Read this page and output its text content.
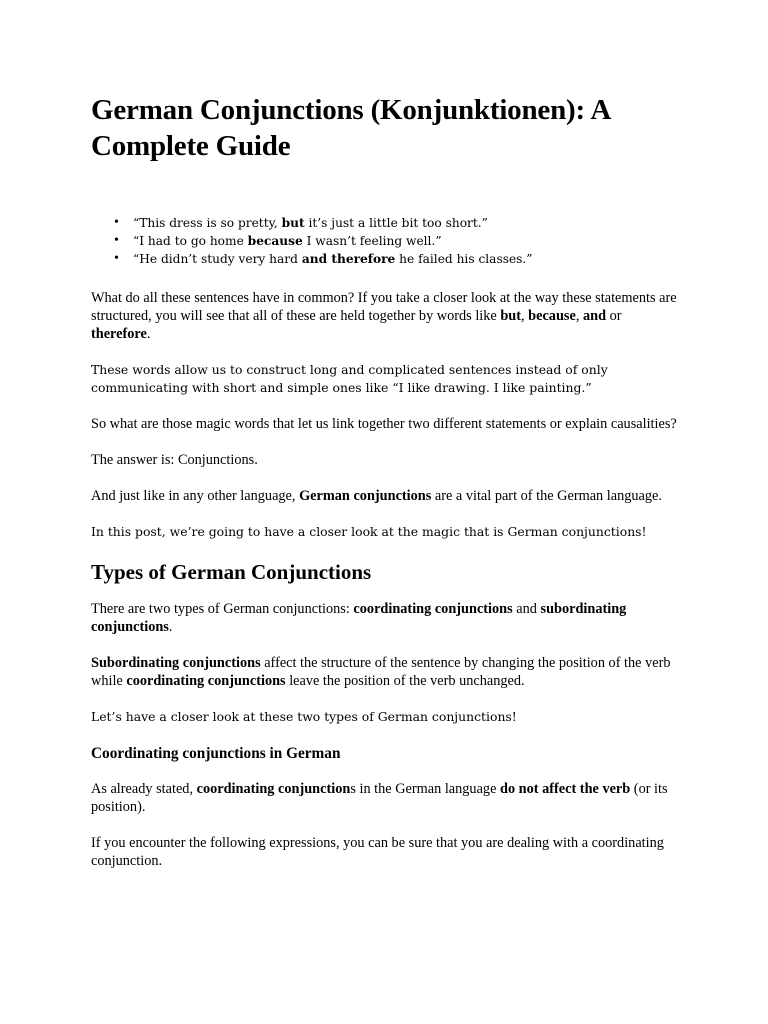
German Conjunctions (Konjunktionen): A Complete Guide
• “This dress is so pretty, but it’s just a little bit too short.”
• “I had to go home because I wasn’t feeling well.”
• “He didn’t study very hard and therefore he failed his classes.”

What do all these sentences have in common? If you take a closer look at the way these statements are structured, you will see that all of these are held together by words like but, because, and or therefore.

These words allow us to construct long and complicated sentences instead of only communicating with short and simple ones like “I like drawing. I like painting.”

So what are those magic words that let us link together two different statements or explain causalities?

The answer is: Conjunctions.

And just like in any other language, German conjunctions are a vital part of the German language.

In this post, we’re going to have a closer look at the magic that is German conjunctions!

Types of German Conjunctions

There are two types of German conjunctions: coordinating conjunctions and subordinating conjunctions.

Subordinating conjunctions affect the structure of the sentence by changing the position of the verb while coordinating conjunctions leave the position of the verb unchanged.

Let’s have a closer look at these two types of German conjunctions!

Coordinating conjunctions in German

As already stated, coordinating conjunctions in the German language do not affect the verb (or its position).

If you encounter the following expressions, you can be sure that you are dealing with a coordinating conjunction.
